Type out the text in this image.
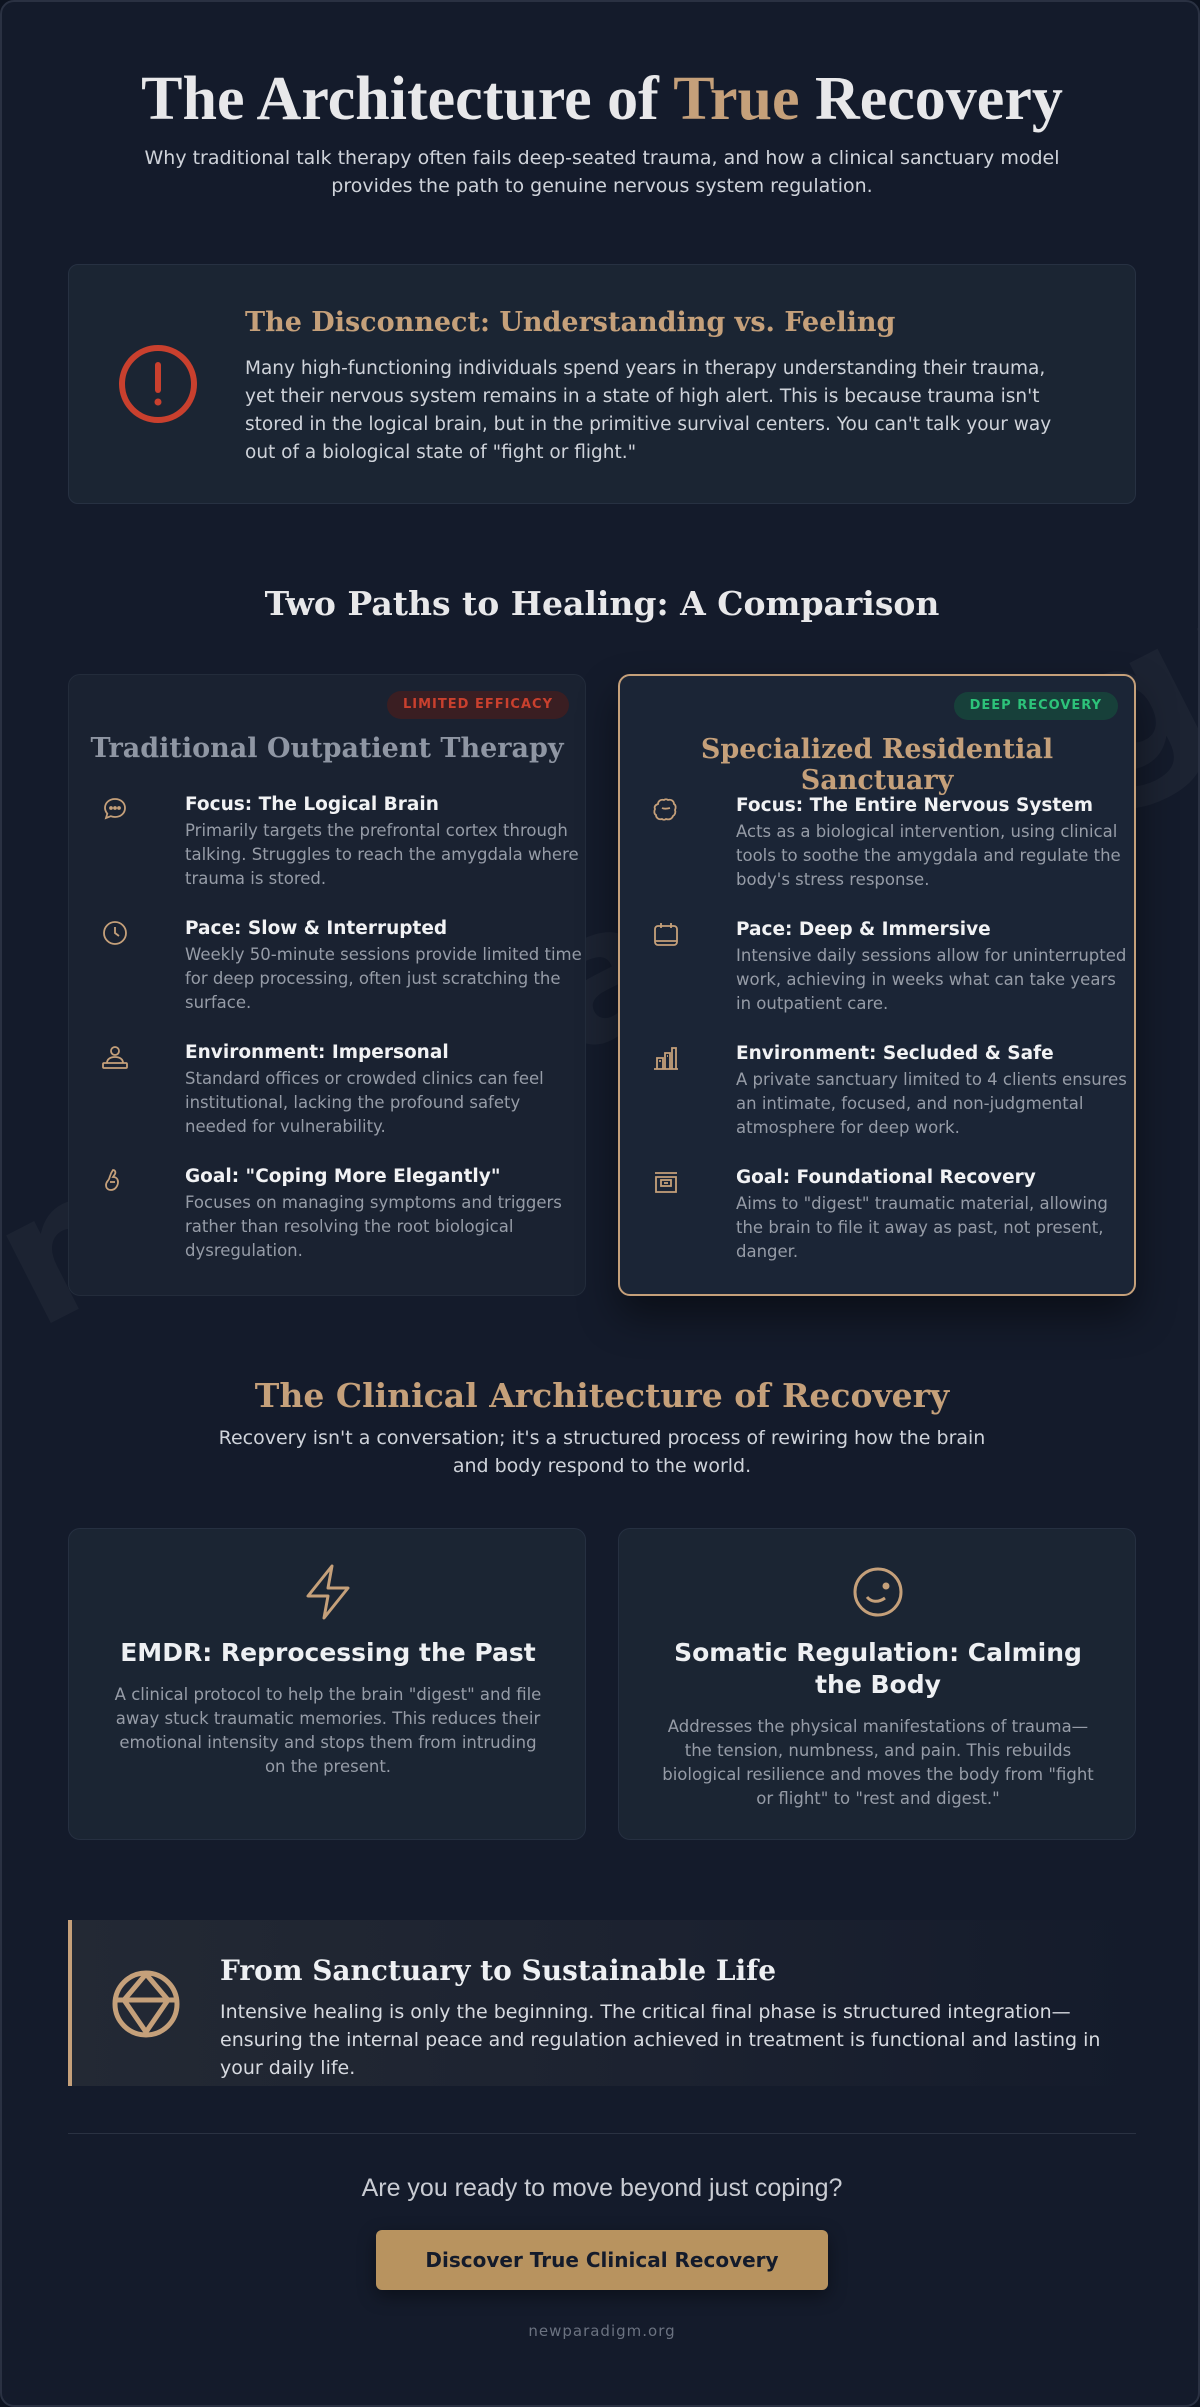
The Architecture of True Recovery

Why traditional talk therapy often fails deep-seated trauma, and how a clinical sanctuary model provides the path to genuine nervous system regulation.

The Disconnect: Understanding vs. Feeling

Many high-functioning individuals spend years in therapy understanding their trauma, yet their nervous system remains in a state of high alert. This is because trauma isn't stored in the logical brain, but in the primitive survival centers. You can't talk your way out of a biological state of "fight or flight."

Two Paths to Healing: A Comparison
LIMITED EFFICACY
Traditional Outpatient Therapy
Focus: The Logical Brain

Primarily targets the prefrontal cortex through talking. Struggles to reach the amygdala where trauma is stored.

Pace: Slow & Interrupted

Weekly 50-minute sessions provide limited time for deep processing, often just scratching the surface.

Environment: Impersonal

Standard offices or crowded clinics can feel institutional, lacking the profound safety needed for vulnerability.

Goal: "Coping More Elegantly"

Focuses on managing symptoms and triggers rather than resolving the root biological dysregulation.

DEEP RECOVERY
Specialized Residential Sanctuary
Focus: The Entire Nervous System

Acts as a biological intervention, using clinical tools to soothe the amygdala and regulate the body's stress response.

Pace: Deep & Immersive

Intensive daily sessions allow for uninterrupted work, achieving in weeks what can take years in outpatient care.

Environment: Secluded & Safe

A private sanctuary limited to 4 clients ensures an intimate, focused, and non-judgmental atmosphere for deep work.

Goal: Foundational Recovery

Aims to "digest" traumatic material, allowing the brain to file it away as past, not present, danger.

The Clinical Architecture of Recovery

Recovery isn't a conversation; it's a structured process of rewiring how the brain and body respond to the world.

EMDR: Reprocessing the Past

A clinical protocol to help the brain "digest" and file away stuck traumatic memories. This reduces their emotional intensity and stops them from intruding on the present.

Somatic Regulation: Calming the Body

Addresses the physical manifestations of trauma—the tension, numbness, and pain. This rebuilds biological resilience and moves the body from "fight or flight" to "rest and digest."

From Sanctuary to Sustainable Life

Intensive healing is only the beginning. The critical final phase is structured integration—ensuring the internal peace and regulation achieved in treatment is functional and lasting in your daily life.

Are you ready to move beyond just coping?

Discover True Clinical Recovery

newparadigm.org
